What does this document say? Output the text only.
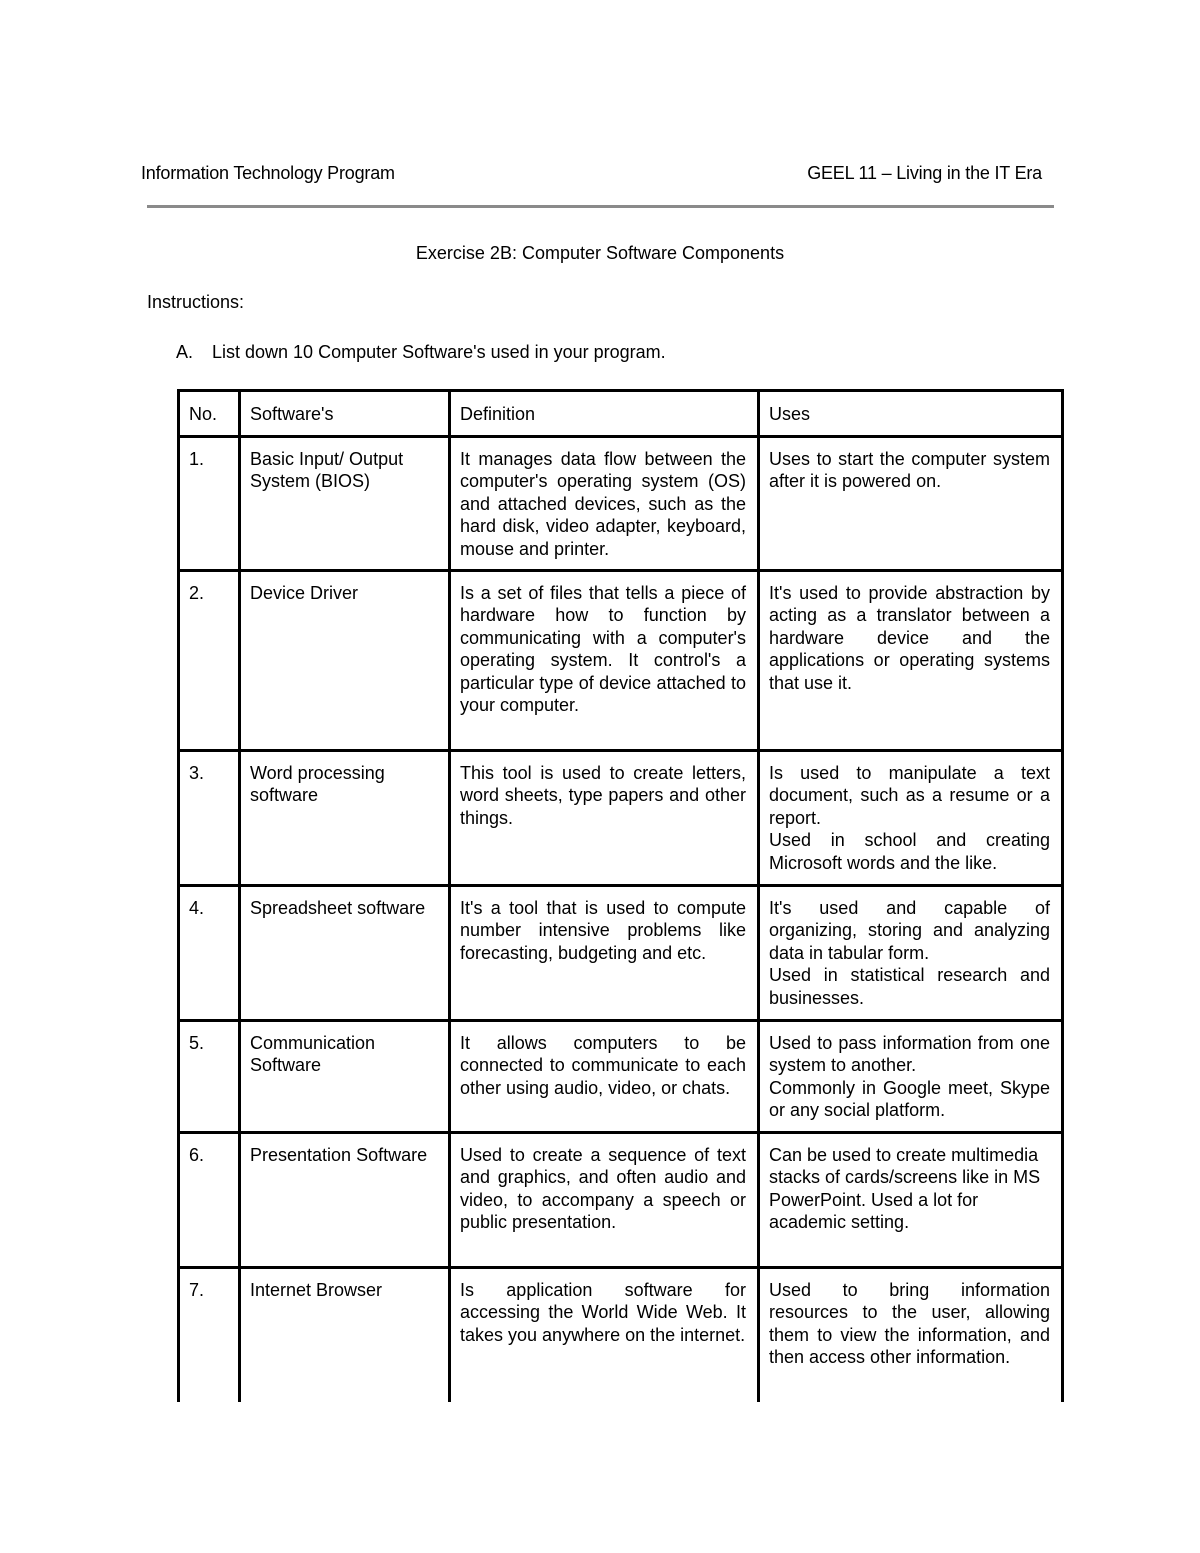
Information Technology Program	GEEL 11 – Living in the IT Era
Exercise 2B: Computer Software Components
Instructions:
A. List down 10 Computer Software's used in your program.
No.	Software's	Definition	Uses
1.	Basic Input/ Output System (BIOS)	It manages data flow between the computer's operating system (OS) and attached devices, such as the hard disk, video adapter, keyboard, mouse and printer.	Uses to start the computer system after it is powered on.

2.	Device Driver	Is a set of files that tells a piece of hardware how to function by communicating with a computer's operating system. It control's a particular type of device attached to your computer.	It's used to provide abstraction by acting as a translator between a hardware device and the applications or operating systems that use it.

3.	Word processing software	This tool is used to create letters, word sheets, type papers and other things.	Is used to manipulate a text document, such as a resume or a report.
Used in school and creating Microsoft words and the like.

4.	Spreadsheet software	It's a tool that is used to compute number intensive problems like forecasting, budgeting and etc.	It's used and capable of organizing, storing and analyzing data in tabular form.
Used in statistical research and businesses.

5.	Communication Software	It allows computers to be connected to communicate to each other using audio, video, or chats.	Used to pass information from one system to another.
Commonly in Google meet, Skype or any social platform.

6.	Presentation Software	Used to create a sequence of text and graphics, and often audio and video, to accompany a speech or public presentation.	Can be used to create multimedia stacks of cards/screens like in MS PowerPoint. Used a lot for academic setting.

7.	Internet Browser	Is application software for accessing the World Wide Web. It takes you anywhere on the internet.	Used to bring information resources to the user, allowing them to view the information, and then access other information.
